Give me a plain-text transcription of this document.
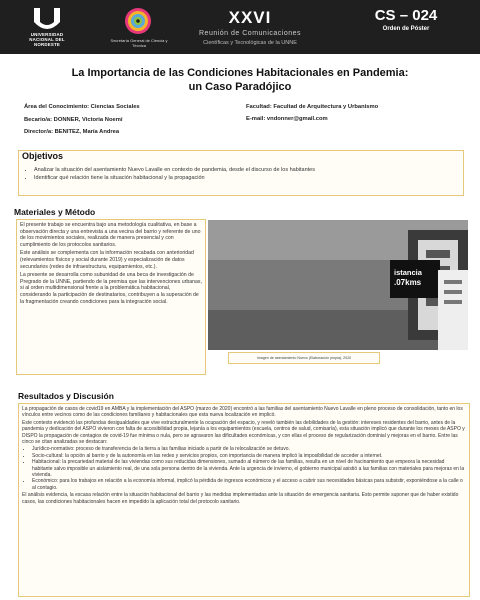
UNIVERSIDAD NACIONAL DEL NORDESTE
Secretaría General de Ciencia y Técnica
XXVI
Reunión de Comunicaciones
Científicas y Tecnológicas de la UNNE
CS – 024
Orden de Póster
La Importancia de las Condiciones Habitacionales en Pandemia:
un Caso Paradójico
Área del Conocimiento: Ciencias Sociales
Becario/a: DONNER, Victoria Noemí
Director/a: BENITEZ, María Andrea
Facultad: Facultad de Arquitectura y Urbanismo
E-mail: vndonner@gmail.com
Objetivos
• Analizar la situación del asentamiento Nuevo Lavalle en contexto de pandemia, desde el discurso de los habitantes
• Identificar qué relación tiene la situación habitacional y la propagación
Materiales y Método

El presente trabajo se encuentra bajo una metodología cualitativa, en base a observación directa y una entrevista a una vecina del barrio y referente de uno de los movimientos sociales, realizada de manera presencial y con cumplimiento de los protocolos sanitarios.

Este análisis se complementa con la información recabada con anterioridad (relevamientos físicos y social durante 2019) y especialización de datos secundarios (redes de infraestructura, equipamientos, etc.).

La presente se desarrolla como subunidad de una beca de investigación de Pregrado de la UNNE, partiendo de la premisa que las intervenciones urbanas, si al orden multidimensional frente a la problemática habitacional, considerando la participación de destinatarios, contribuyen a la superación de la fragmentación creando condiciones para la integración social.

istancia
.07kms
Imagen de asentamiento Nuevo (Elaboración propia), 2020
Resultados y Discusión

La propagación de casos de covid19 en AMBA y la implementación del ASPO (marzo de 2020) encontró a las familias del asentamiento Nuevo Lavalle en pleno proceso de consolidación, tanto en los vínculos entre vecinos como de las condiciones familiares y habitacionales que esta nueva localización en implicó.

Este contexto evidenció las profundas desigualdades que vive estructuralmente la ocupación del espacio, y reveló también las debilidades de la gestión: intereses residentes del barrio, antes de la pandemia y dedicación del ASPO vivieron con falta de accesibilidad propia, lejanía a los equipamientos (escuela, centros de salud, comisaría), esta situación implicó que durante los meses de ASPO y DISPO la propagación de contagios de covid-19 fue mínima o nula, pero se agravaron las dificultades económicas, y con ellas el proceso de regularización dominial y mejoras en el barrio. Entre las cinco se citan analizadas se destacan:

• Jurídico-normativo: proceso de transferencia de la tierra a las familias iniciado a partir de la relocalización se detuvo.
• Socio-cultural: la opción al barrio y de la autonomía en las redes y servicios propios, con importancia de manera implicó la imposibilidad de acceder a internet.
• Habitacional: la precariedad material de las viviendas como sus reducidas dimensiones, sumado al número de las familias, resulta en un nivel de hacinamiento que empeora la necesidad habitante salvo imposible un aislamiento real, de una sola persona dentro de la vivienda. Ante la urgencia de invierno, el gobierno municipal asistió a las familias con materiales para mejoras en la vivienda.
• Económico: para los trabajos en relación a la economía informal, implicó la pérdida de ingresos económicos y el acceso a cubrir sus necesidades básicas para subsistir, exponiéndose a la calle o al contagio.

El análisis evidencia, la escasa relación entre la situación habitacional del barrio y las medidas implementadas ante la situación de emergencia sanitaria. Esto permite suponer que de haber existido casos, las condiciones habitacionales hacen en impedido la aplicación total del protocolo sanitario.
